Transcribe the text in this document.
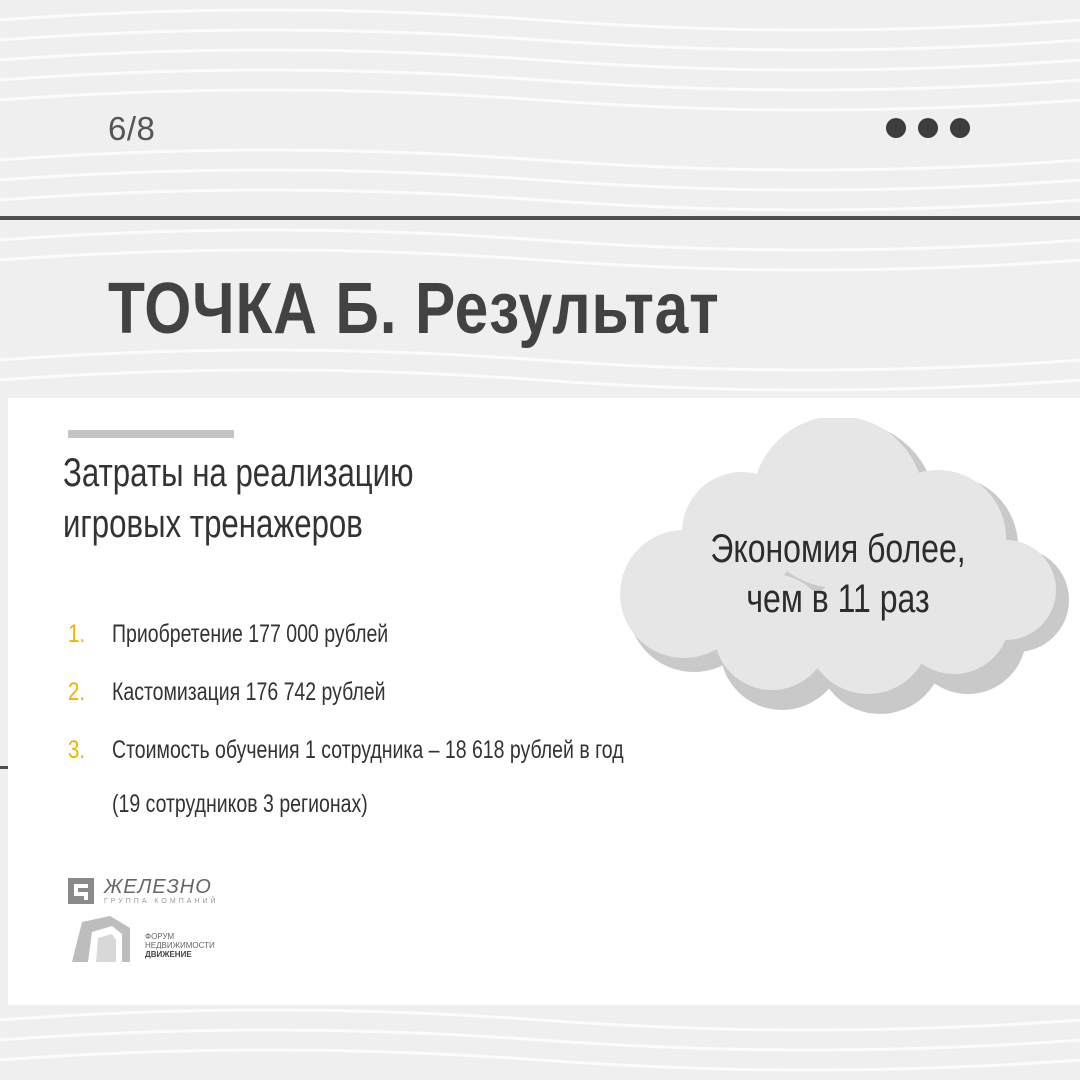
6/8
ТОЧКА Б. Результат
Затраты на реализацию
игровых тренажеров
1. Приобретение 177 000 рублей
2. Кастомизация 176 742 рублей
3. Стоимость обучения 1 сотрудника – 18 618 рублей в год
(19 сотрудников 3 регионах)
Экономия более,
чем в 11 раз
ЖЕЛЕЗНО
ГРУППА КОМПАНИЙ
ФОРУМ
НЕДВИЖИМОСТИ
ДВИЖЕНИЕ
